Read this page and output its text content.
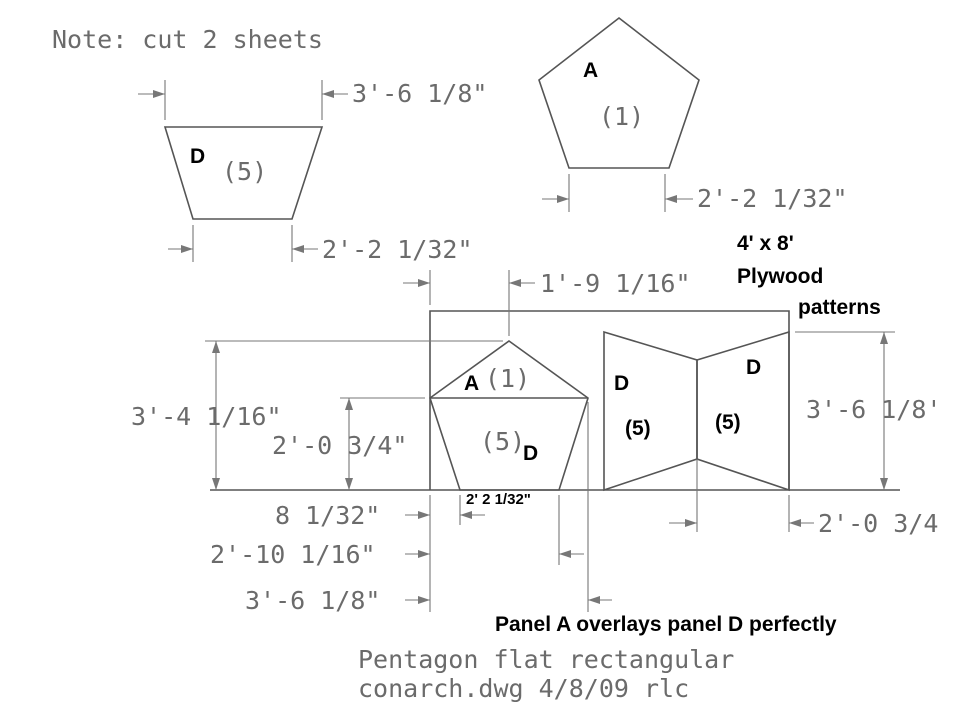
Note: cut 2 sheets
D
(5)
3'-6 1/8"
2'-2 1/32"
A
(1)
2'-2 1/32"
4' x 8'
Plywood
patterns
A (1)
(5)
D
2' 2 1/32"
D
(5)
D
(5)
1'-9 1/16"
3'-4 1/16"
2'-0 3/4"
3'-6 1/8'
2'-0 3/4
8 1/32"
2'-10 1/16"
3'-6 1/8"
Panel A overlays panel D perfectly
Pentagon flat rectangular
conarch.dwg 4/8/09 rlc
